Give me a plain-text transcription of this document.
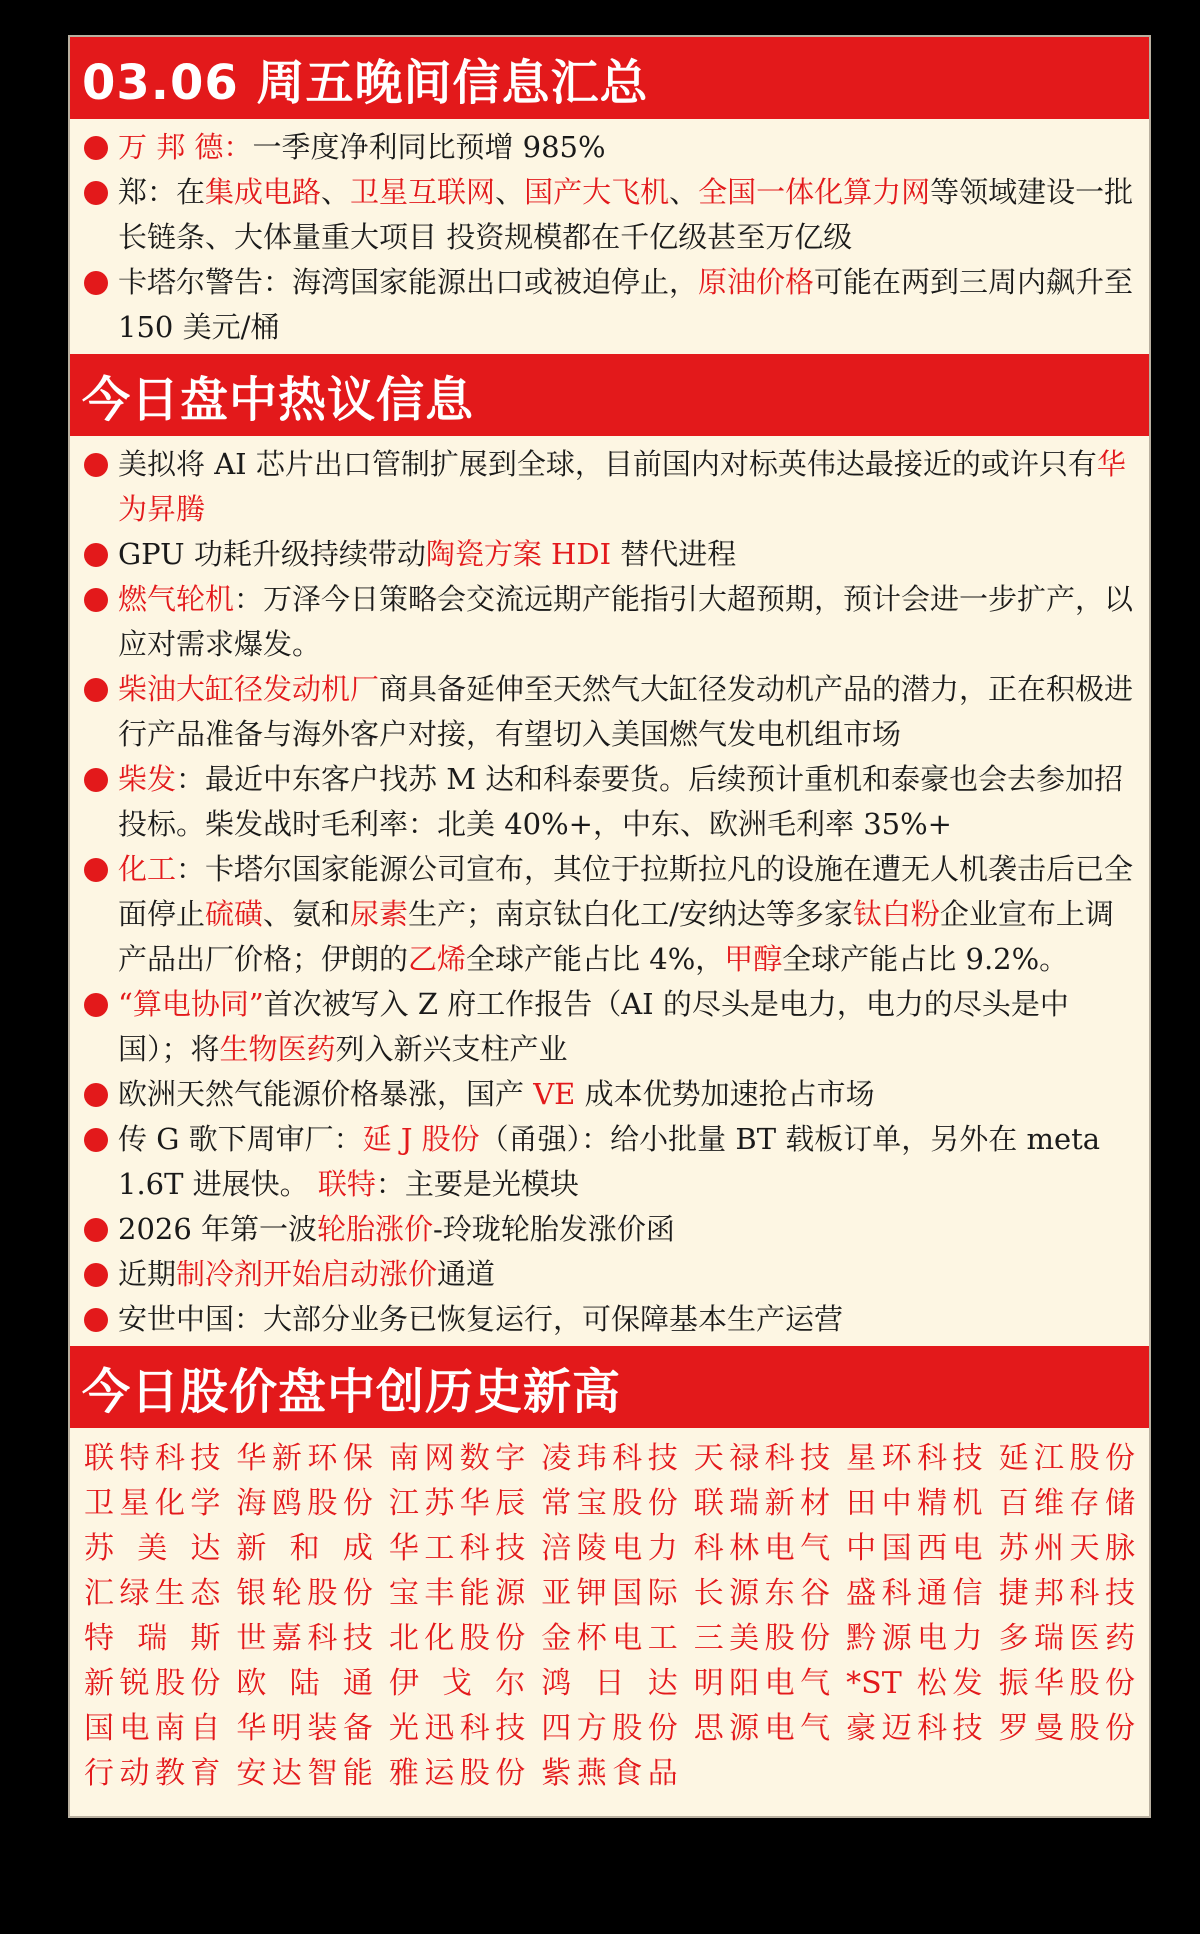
03.06 周五晚间信息汇总
万 邦 德：一季度净利同比预增 985%
郑：在集成电路、卫星互联网、国产大飞机、全国一体化算力网等领域建设一批长链条、大体量重大项目 投资规模都在千亿级甚至万亿级
卡塔尔警告：海湾国家能源出口或被迫停止，原油价格可能在两到三周内飙升至 150 美元/桶
今日盘中热议信息
美拟将 AI 芯片出口管制扩展到全球，目前国内对标英伟达最接近的或许只有华为昇腾
GPU 功耗升级持续带动陶瓷方案 HDI 替代进程
燃气轮机：万泽今日策略会交流远期产能指引大超预期，预计会进一步扩产，以应对需求爆发。
柴油大缸径发动机厂商具备延伸至天然气大缸径发动机产品的潜力，正在积极进行产品准备与海外客户对接，有望切入美国燃气发电机组市场
柴发：最近中东客户找苏 M 达和科泰要货。后续预计重机和泰豪也会去参加招投标。柴发战时毛利率：北美 40%+，中东、欧洲毛利率 35%+
化工：卡塔尔国家能源公司宣布，其位于拉斯拉凡的设施在遭无人机袭击后已全面停止硫磺、氨和尿素生产；南京钛白化工/安纳达等多家钛白粉企业宣布上调产品出厂价格；伊朗的乙烯全球产能占比 4%，甲醇全球产能占比 9.2%。
“算电协同”首次被写入 Z 府工作报告（AI 的尽头是电力，电力的尽头是中国）；将生物医药列入新兴支柱产业
欧洲天然气能源价格暴涨，国产 VE 成本优势加速抢占市场
传 G 歌下周审厂：延 J 股份（甬强）：给小批量 BT 载板订单，另外在 meta 1.6T 进展快。 联特：主要是光模块
2026 年第一波轮胎涨价-玲珑轮胎发涨价函
近期制冷剂开始启动涨价通道
安世中国：大部分业务已恢复运行，可保障基本生产运营
今日股价盘中创历史新高
联特科技 华新环保 南网数字 凌玮科技 天禄科技 星环科技 延江股份
卫星化学 海鸥股份 江苏华辰 常宝股份 联瑞新材 田中精机 百维存储
苏美达 新和成 华工科技 涪陵电力 科林电气 中国西电 苏州天脉
汇绿生态 银轮股份 宝丰能源 亚钾国际 长源东谷 盛科通信 捷邦科技
特瑞斯 世嘉科技 北化股份 金杯电工 三美股份 黔源电力 多瑞医药
新锐股份 欧陆通 伊戈尔 鸿日达 明阳电气 *ST 松发 振华股份
国电南自 华明装备 光迅科技 四方股份 思源电气 豪迈科技 罗曼股份
行动教育 安达智能 雅运股份 紫燕食品
